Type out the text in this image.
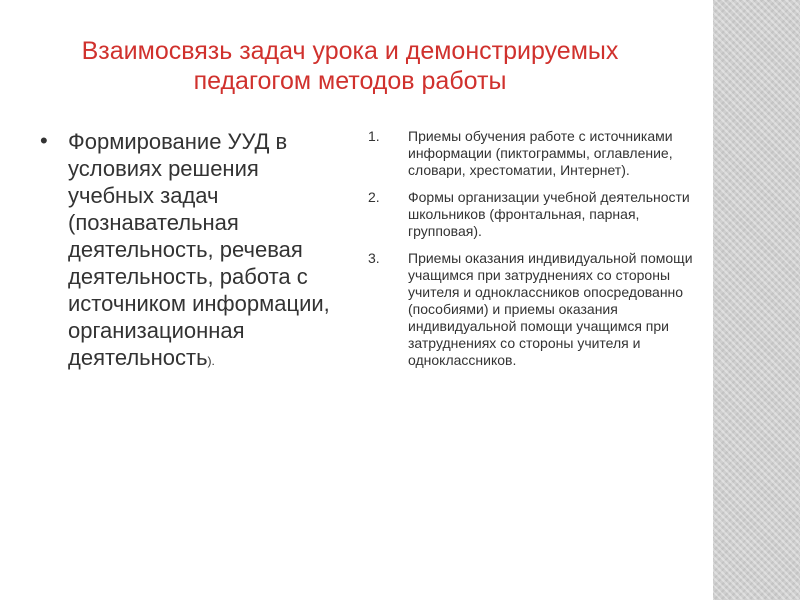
Взаимосвязь задач урока и демонстрируемых
педагогом методов работы
• Формирование УУД в условиях решения учебных задач (познавательная деятельность, речевая деятельность, работа с источником информации, организационная деятельность).
1.	Приемы обучения работе с источниками информации (пиктограммы, оглавление, словари, хрестоматии, Интернет).
2.	Формы организации учебной деятельности школьников (фронтальная, парная, групповая).
3.	Приемы оказания индивидуальной помощи учащимся при затруднениях со стороны учителя и одноклассников опосредованно (пособиями) и приемы оказания индивидуальной помощи учащимся при затруднениях со стороны учителя и одноклассников.
